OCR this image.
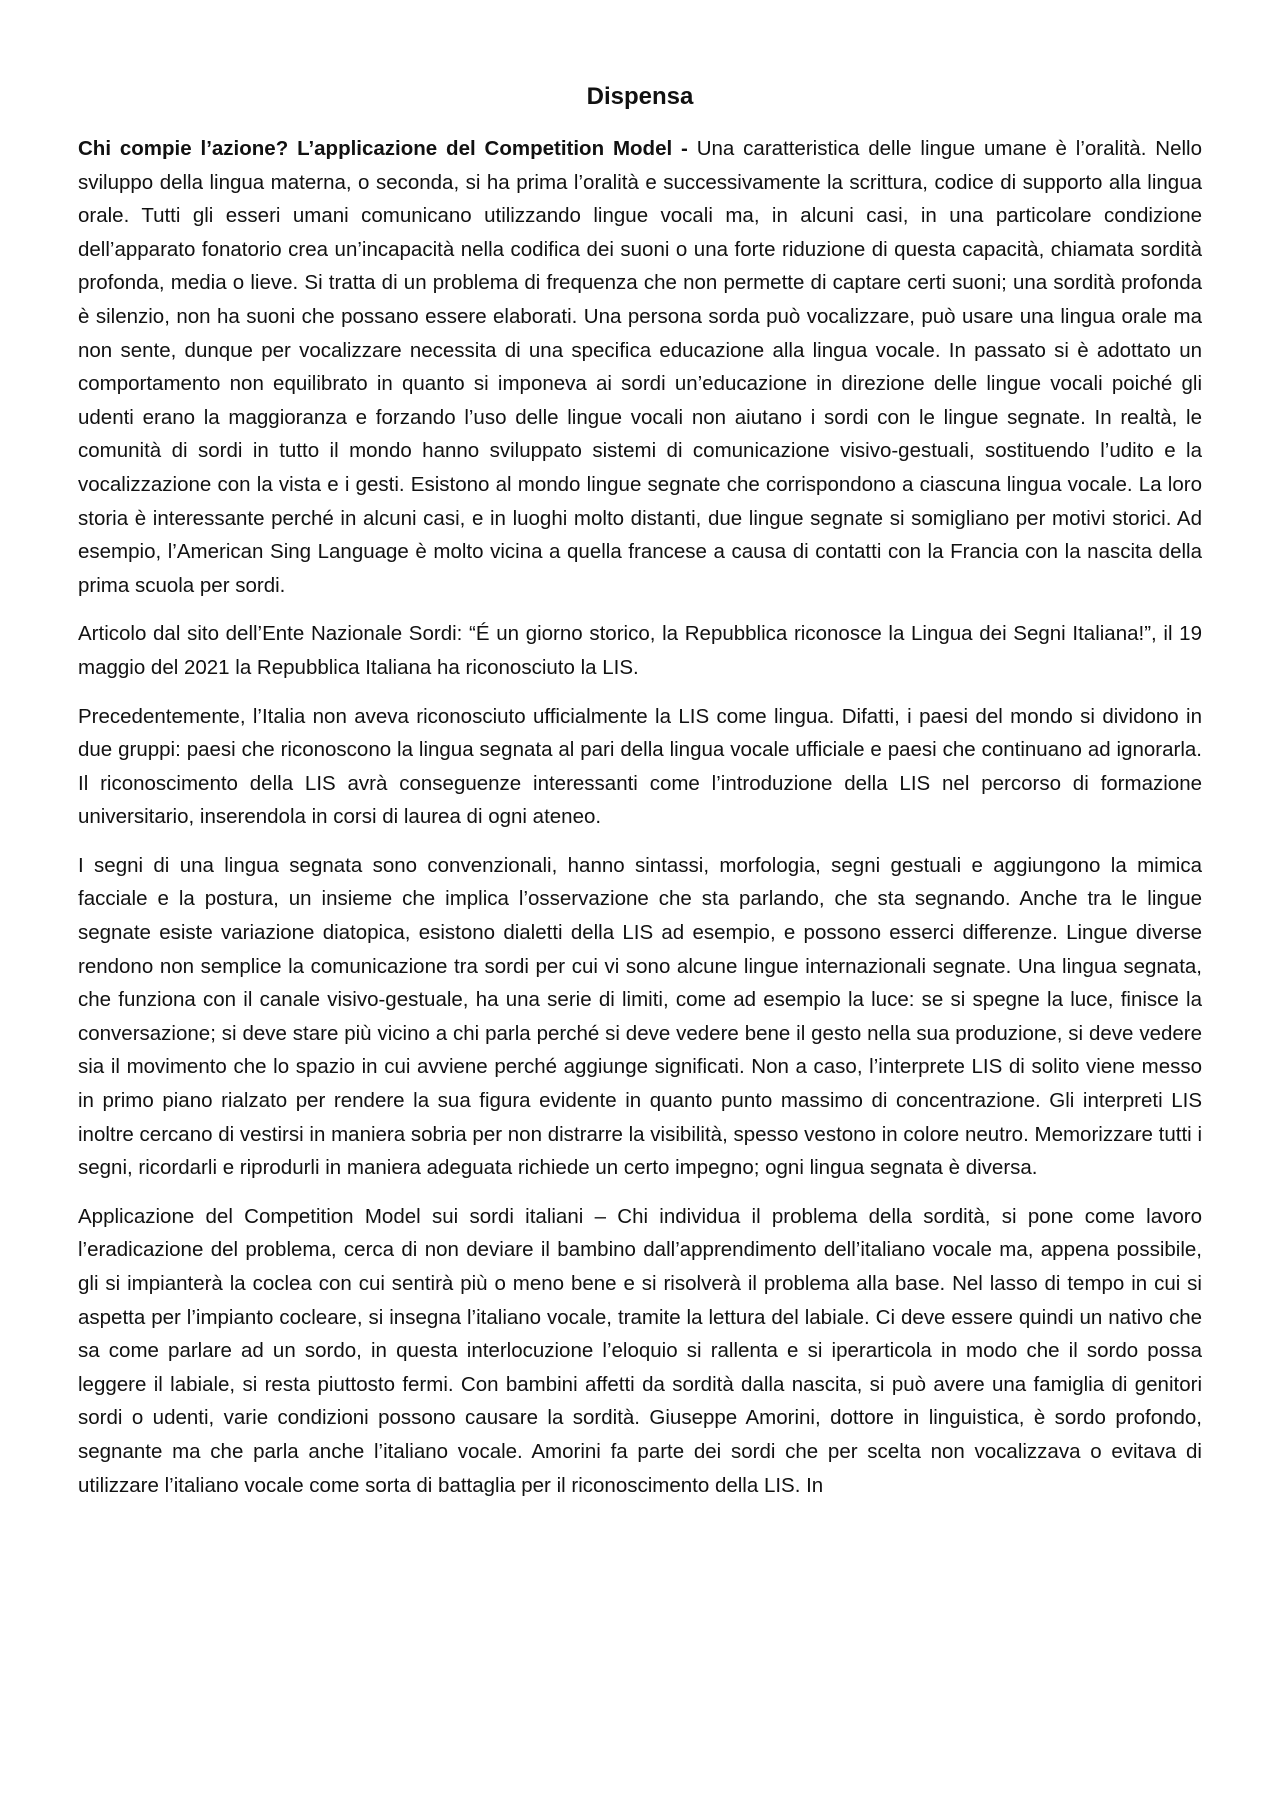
Dispensa

Chi compie l’azione? L’applicazione del Competition Model - Una caratteristica delle lingue umane è l’oralità. Nello sviluppo della lingua materna, o seconda, si ha prima l’oralità e successivamente la scrittura, codice di supporto alla lingua orale. Tutti gli esseri umani comunicano utilizzando lingue vocali ma, in alcuni casi, in una particolare condizione dell’apparato fonatorio crea un’incapacità nella codifica dei suoni o una forte riduzione di questa capacità, chiamata sordità profonda, media o lieve. Si tratta di un problema di frequenza che non permette di captare certi suoni; una sordità profonda è silenzio, non ha suoni che possano essere elaborati. Una persona sorda può vocalizzare, può usare una lingua orale ma non sente, dunque per vocalizzare necessita di una specifica educazione alla lingua vocale. In passato si è adottato un comportamento non equilibrato in quanto si imponeva ai sordi un’educazione in direzione delle lingue vocali poiché gli udenti erano la maggioranza e forzando l’uso delle lingue vocali non aiutano i sordi con le lingue segnate. In realtà, le comunità di sordi in tutto il mondo hanno sviluppato sistemi di comunicazione visivo-gestuali, sostituendo l’udito e la vocalizzazione con la vista e i gesti. Esistono al mondo lingue segnate che corrispondono a ciascuna lingua vocale. La loro storia è interessante perché in alcuni casi, e in luoghi molto distanti, due lingue segnate si somigliano per motivi storici. Ad esempio, l’American Sing Language è molto vicina a quella francese a causa di contatti con la Francia con la nascita della prima scuola per sordi.

Articolo dal sito dell’Ente Nazionale Sordi: “É un giorno storico, la Repubblica riconosce la Lingua dei Segni Italiana!”, il 19 maggio del 2021 la Repubblica Italiana ha riconosciuto la LIS.

Precedentemente, l’Italia non aveva riconosciuto ufficialmente la LIS come lingua. Difatti, i paesi del mondo si dividono in due gruppi: paesi che riconoscono la lingua segnata al pari della lingua vocale ufficiale e paesi che continuano ad ignorarla. Il riconoscimento della LIS avrà conseguenze interessanti come l’introduzione della LIS nel percorso di formazione universitario, inserendola in corsi di laurea di ogni ateneo.

I segni di una lingua segnata sono convenzionali, hanno sintassi, morfologia, segni gestuali e aggiungono la mimica facciale e la postura, un insieme che implica l’osservazione che sta parlando, che sta segnando. Anche tra le lingue segnate esiste variazione diatopica, esistono dialetti della LIS ad esempio, e possono esserci differenze. Lingue diverse rendono non semplice la comunicazione tra sordi per cui vi sono alcune lingue internazionali segnate. Una lingua segnata, che funziona con il canale visivo-gestuale, ha una serie di limiti, come ad esempio la luce: se si spegne la luce, finisce la conversazione; si deve stare più vicino a chi parla perché si deve vedere bene il gesto nella sua produzione, si deve vedere sia il movimento che lo spazio in cui avviene perché aggiunge significati. Non a caso, l’interprete LIS di solito viene messo in primo piano rialzato per rendere la sua figura evidente in quanto punto massimo di concentrazione. Gli interpreti LIS inoltre cercano di vestirsi in maniera sobria per non distrarre la visibilità, spesso vestono in colore neutro. Memorizzare tutti i segni, ricordarli e riprodurli in maniera adeguata richiede un certo impegno; ogni lingua segnata è diversa.

Applicazione del Competition Model sui sordi italiani – Chi individua il problema della sordità, si pone come lavoro l’eradicazione del problema, cerca di non deviare il bambino dall’apprendimento dell’italiano vocale ma, appena possibile, gli si impianterà la coclea con cui sentirà più o meno bene e si risolverà il problema alla base. Nel lasso di tempo in cui si aspetta per l’impianto cocleare, si insegna l’italiano vocale, tramite la lettura del labiale. Ci deve essere quindi un nativo che sa come parlare ad un sordo, in questa interlocuzione l’eloquio si rallenta e si iperarticola in modo che il sordo possa leggere il labiale, si resta piuttosto fermi. Con bambini affetti da sordità dalla nascita, si può avere una famiglia di genitori sordi o udenti, varie condizioni possono causare la sordità. Giuseppe Amorini, dottore in linguistica, è sordo profondo, segnante ma che parla anche l’italiano vocale. Amorini fa parte dei sordi che per scelta non vocalizzava o evitava di utilizzare l’italiano vocale come sorta di battaglia per il riconoscimento della LIS. In
